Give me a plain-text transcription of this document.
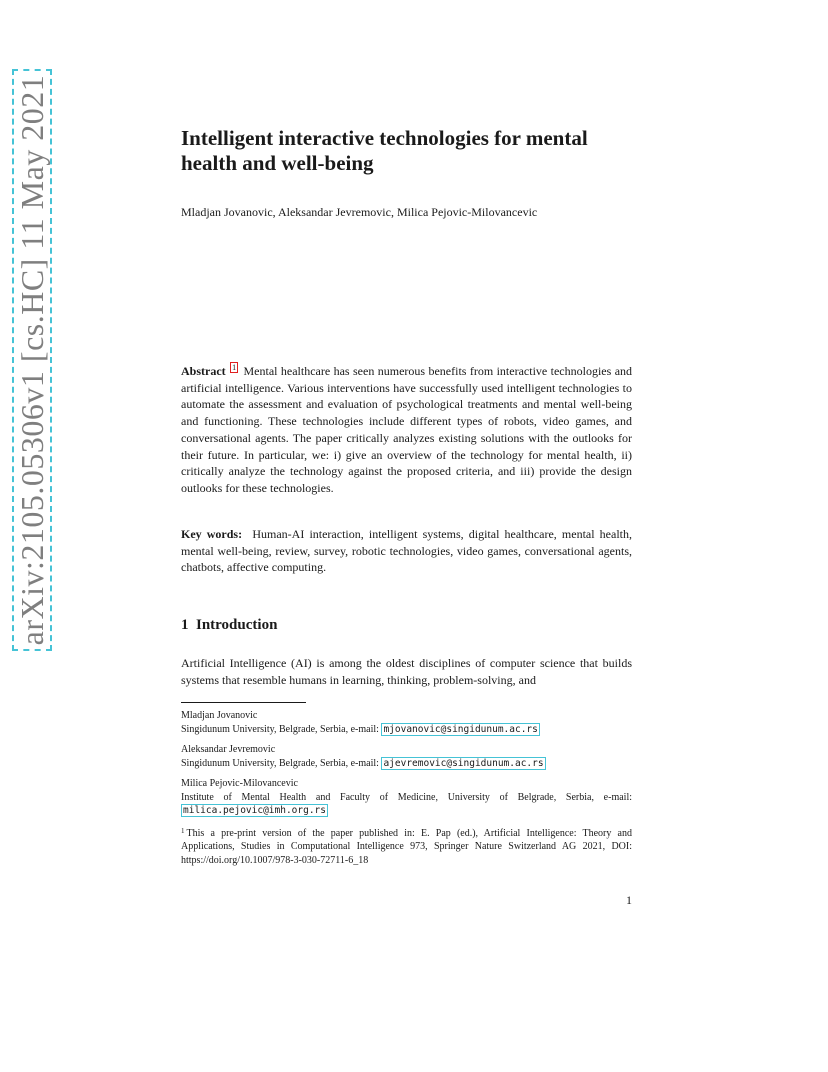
arXiv:2105.05306v1 [cs.HC] 11 May 2021	Intelligent interactive technologies for mental health and well-being
Mladjan Jovanovic, Aleksandar Jevremovic, Milica Pejovic-Milovancevic

Abstract 1 Mental healthcare has seen numerous benefits from interactive technologies and artificial intelligence. Various interventions have successfully used intelligent technologies to automate the assessment and evaluation of psychological treatments and mental well-being and functioning. These technologies include different types of robots, video games, and conversational agents. The paper critically analyzes existing solutions with the outlooks for their future. In particular, we: i) give an overview of the technology for mental health, ii) critically analyze the technology against the proposed criteria, and iii) provide the design outlooks for these technologies.

Key words: Human-AI interaction, intelligent systems, digital healthcare, mental health, mental well-being, review, survey, robotic technologies, video games, conversational agents, chatbots, affective computing.

1 Introduction

Artificial Intelligence (AI) is among the oldest disciplines of computer science that builds systems that resemble humans in learning, thinking, problem-solving, and

Mladjan Jovanovic
Singidunum University, Belgrade, Serbia, e-mail: mjovanovic@singidunum.ac.rs
Aleksandar Jevremovic
Singidunum University, Belgrade, Serbia, e-mail: ajevremovic@singidunum.ac.rs
Milica Pejovic-Milovancevic
Institute of Mental Health and Faculty of Medicine, University of Belgrade, Serbia, e-mail: milica.pejovic@imh.org.rs
$^1$ This a pre-print version of the paper published in: E. Pap (ed.), Artificial Intelligence: Theory and Applications, Studies in Computational Intelligence 973, Springer Nature Switzerland AG 2021, DOI: https://doi.org/10.1007/978-3-030-72711-6_18
1
